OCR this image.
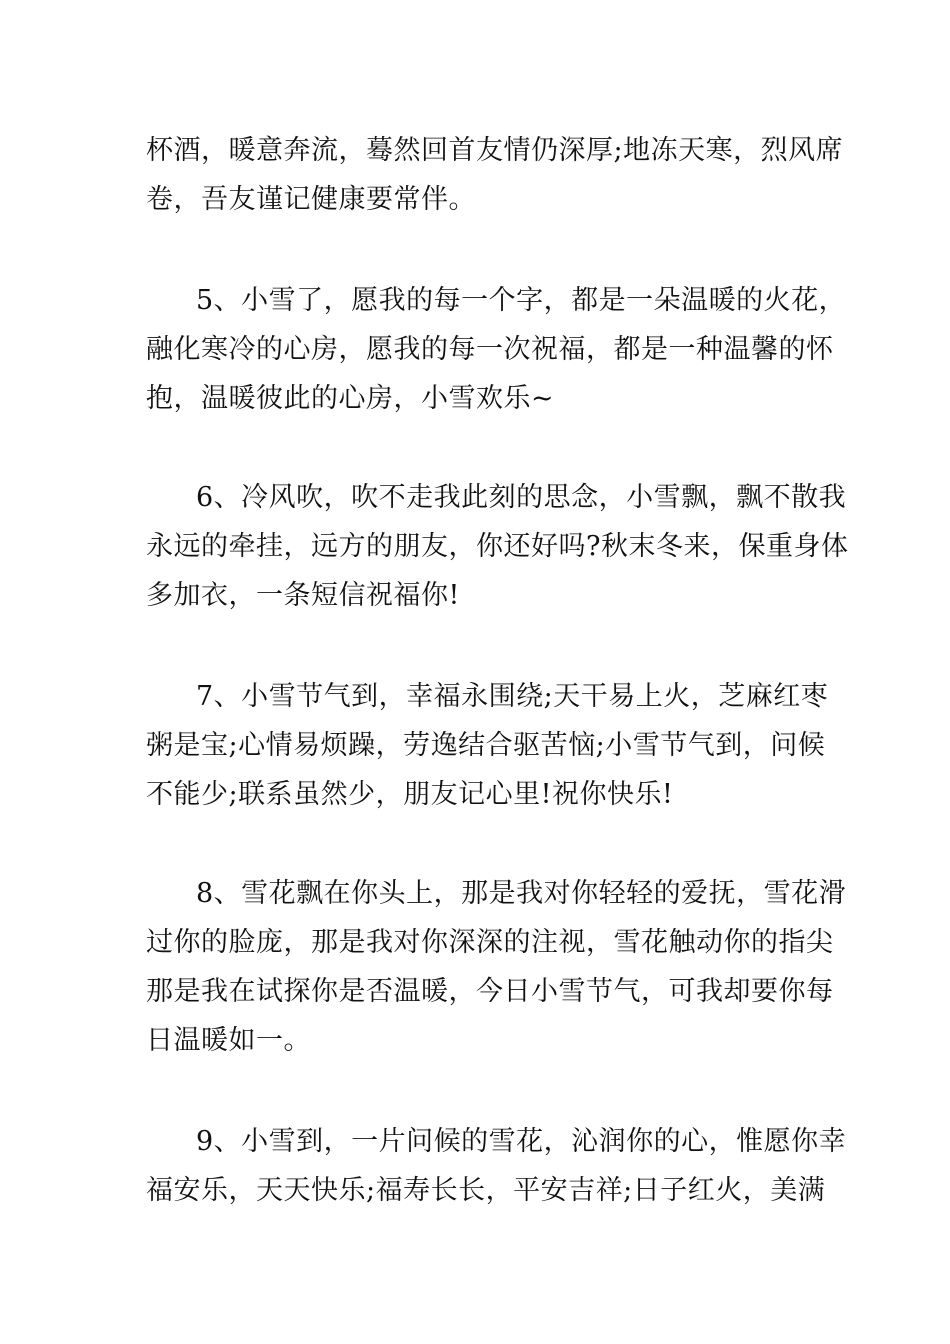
杯酒，暖意奔流，蓦然回首友情仍深厚;地冻天寒，烈风席
卷，吾友谨记健康要常伴。
5、小雪了，愿我的每一个字，都是一朵温暖的火花，
融化寒冷的心房，愿我的每一次祝福，都是一种温馨的怀
抱，温暖彼此的心房，小雪欢乐~
6、冷风吹，吹不走我此刻的思念，小雪飘，飘不散我
永远的牵挂，远方的朋友，你还好吗?秋末冬来，保重身体
多加衣，一条短信祝福你!
7、小雪节气到，幸福永围绕;天干易上火，芝麻红枣
粥是宝;心情易烦躁，劳逸结合驱苦恼;小雪节气到，问候
不能少;联系虽然少，朋友记心里!祝你快乐!
8、雪花飘在你头上，那是我对你轻轻的爱抚，雪花滑
过你的脸庞，那是我对你深深的注视，雪花触动你的指尖
那是我在试探你是否温暖，今日小雪节气，可我却要你每
日温暖如一。
9、小雪到，一片问候的雪花，沁润你的心，惟愿你幸
福安乐，天天快乐;福寿长长，平安吉祥;日子红火，美满
